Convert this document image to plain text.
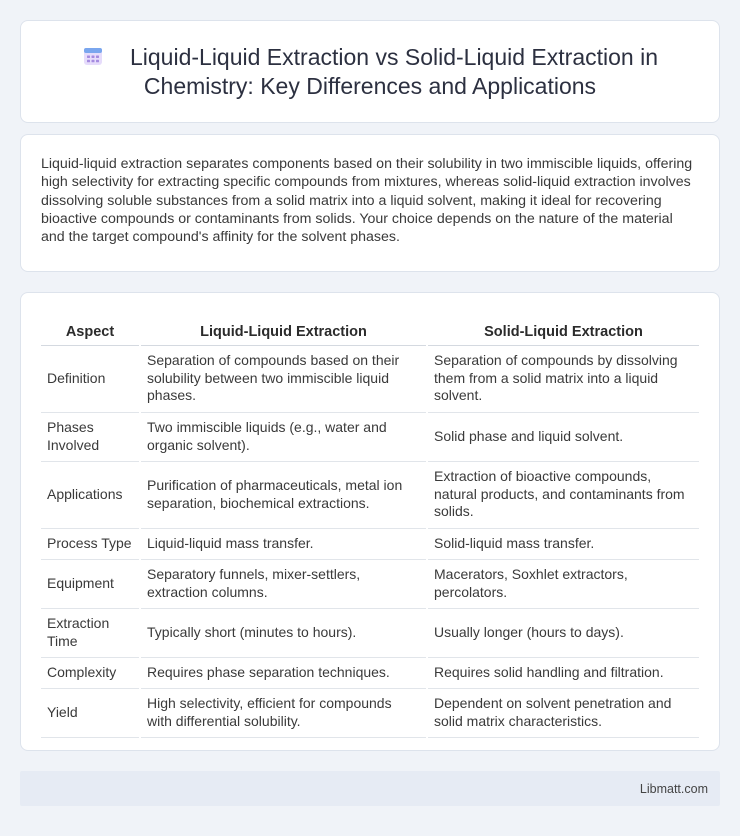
Liquid-Liquid Extraction vs Solid-Liquid Extraction in Chemistry: Key Differences and Applications

Liquid-liquid extraction separates components based on their solubility in two immiscible liquids, offering high selectivity for extracting specific compounds from mixtures, whereas solid-liquid extraction involves dissolving soluble substances from a solid matrix into a liquid solvent, making it ideal for recovering bioactive compounds or contaminants from solids. Your choice depends on the nature of the material and the target compound's affinity for the solvent phases.

Aspect	Liquid-Liquid Extraction	Solid-Liquid Extraction
Definition	Separation of compounds based on their solubility between two immiscible liquid phases.	Separation of compounds by dissolving them from a solid matrix into a liquid solvent.
Phases Involved	Two immiscible liquids (e.g., water and organic solvent).	Solid phase and liquid solvent.
Applications	Purification of pharmaceuticals, metal ion separation, biochemical extractions.	Extraction of bioactive compounds, natural products, and contaminants from solids.
Process Type	Liquid-liquid mass transfer.	Solid-liquid mass transfer.
Equipment	Separatory funnels, mixer-settlers, extraction columns.	Macerators, Soxhlet extractors, percolators.
Extraction Time	Typically short (minutes to hours).	Usually longer (hours to days).
Complexity	Requires phase separation techniques.	Requires solid handling and filtration.
Yield	High selectivity, efficient for compounds with differential solubility.	Dependent on solvent penetration and solid matrix characteristics.
Libmatt.com
